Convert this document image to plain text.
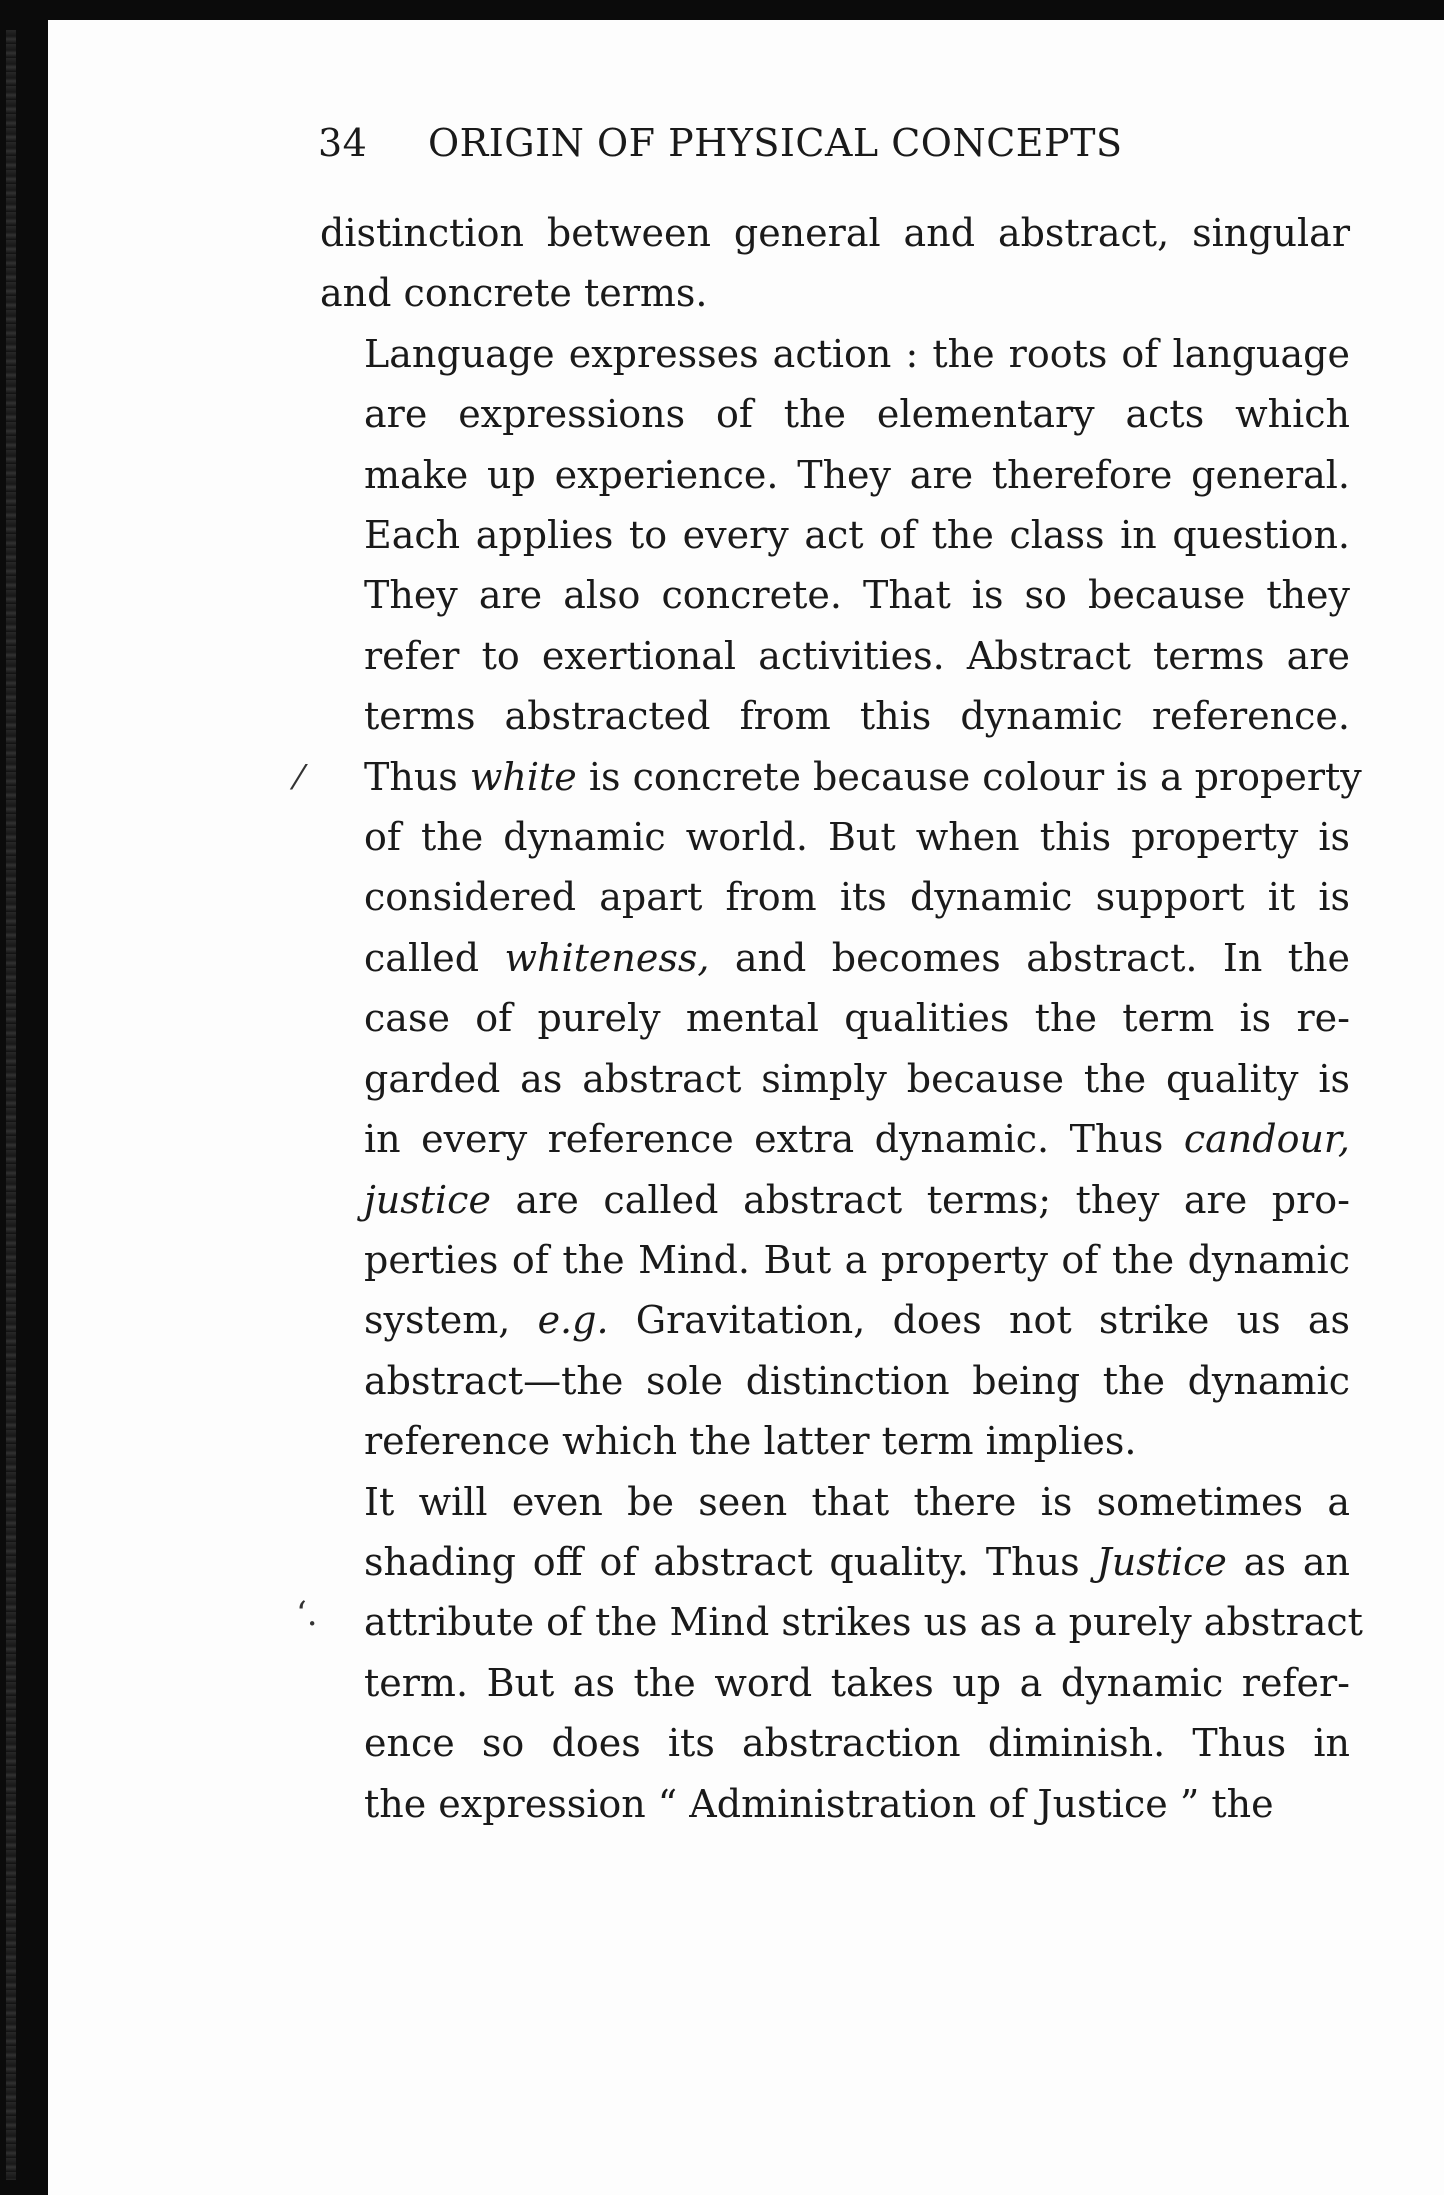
34 ORIGIN OF PHYSICAL CONCEPTS
⁄
‘.

distinction between general and abstract, singular
and concrete terms.

Language expresses action : the roots of language
are expressions of the elementary acts which
make up experience. They are therefore general.
Each applies to every act of the class in question.
They are also concrete. That is so because they
refer to exertional activities. Abstract terms are
terms abstracted from this dynamic reference.
Thus white is concrete because colour is a property
of the dynamic world. But when this property is
considered apart from its dynamic support it is
called whiteness, and becomes abstract. In the
case of purely mental qualities the term is re-
garded as abstract simply because the quality is
in every reference extra dynamic. Thus candour,
justice are called abstract terms; they are pro-
perties of the Mind. But a property of the dynamic
system, e.g. Gravitation, does not strike us as
abstract—the sole distinction being the dynamic
reference which the latter term implies.

It will even be seen that there is sometimes a
shading off of abstract quality. Thus Justice as an
attribute of the Mind strikes us as a purely abstract
term. But as the word takes up a dynamic refer-
ence so does its abstraction diminish. Thus in
the expression “ Administration of Justice ” the
